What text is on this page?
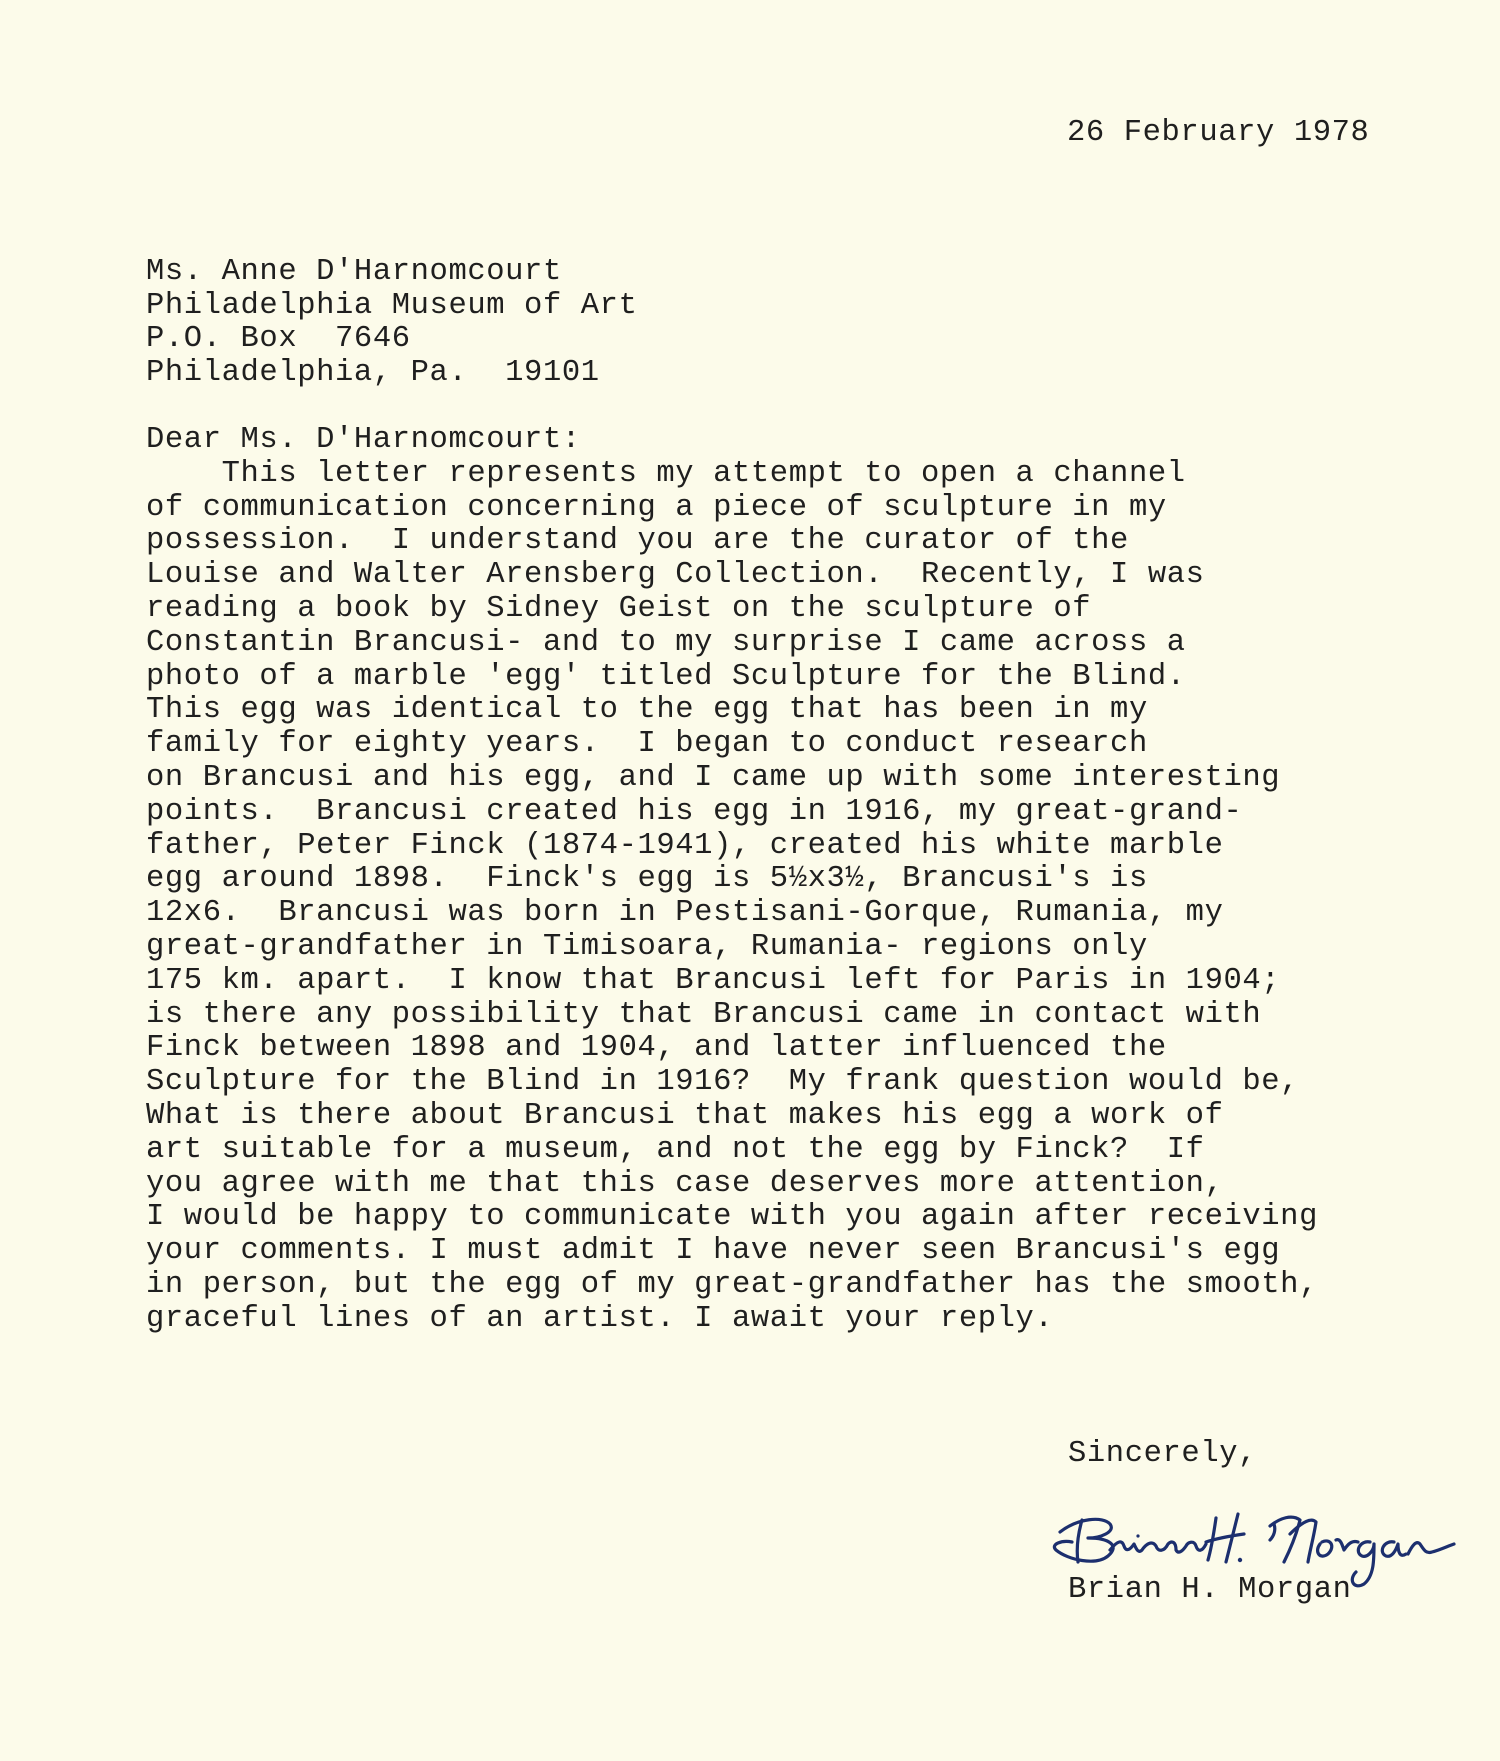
26 February 1978
Ms. Anne D'Harnomcourt
Philadelphia Museum of Art
P.O. Box  7646
Philadelphia, Pa.  19101
Dear Ms. D'Harnomcourt:
This letter represents my attempt to open a channel
of communication concerning a piece of sculpture in my
possession.  I understand you are the curator of the
Louise and Walter Arensberg Collection.  Recently, I was
reading a book by Sidney Geist on the sculpture of
Constantin Brancusi- and to my surprise I came across a
photo of a marble 'egg' titled Sculpture for the Blind.
This egg was identical to the egg that has been in my
family for eighty years.  I began to conduct research
on Brancusi and his egg, and I came up with some interesting
points.  Brancusi created his egg in 1916, my great-grand-
father, Peter Finck (1874-1941), created his white marble
egg around 1898.  Finck's egg is 5½x3½, Brancusi's is
12x6.  Brancusi was born in Pestisani-Gorque, Rumania, my
great-grandfather in Timisoara, Rumania- regions only
175 km. apart.  I know that Brancusi left for Paris in 1904;
is there any possibility that Brancusi came in contact with
Finck between 1898 and 1904, and latter influenced the
Sculpture for the Blind in 1916?  My frank question would be,
What is there about Brancusi that makes his egg a work of
art suitable for a museum, and not the egg by Finck?  If
you agree with me that this case deserves more attention,
I would be happy to communicate with you again after receiving
your comments. I must admit I have never seen Brancusi's egg
in person, but the egg of my great-grandfather has the smooth,
graceful lines of an artist. I await your reply.
Sincerely,
Brian H. Morgan
